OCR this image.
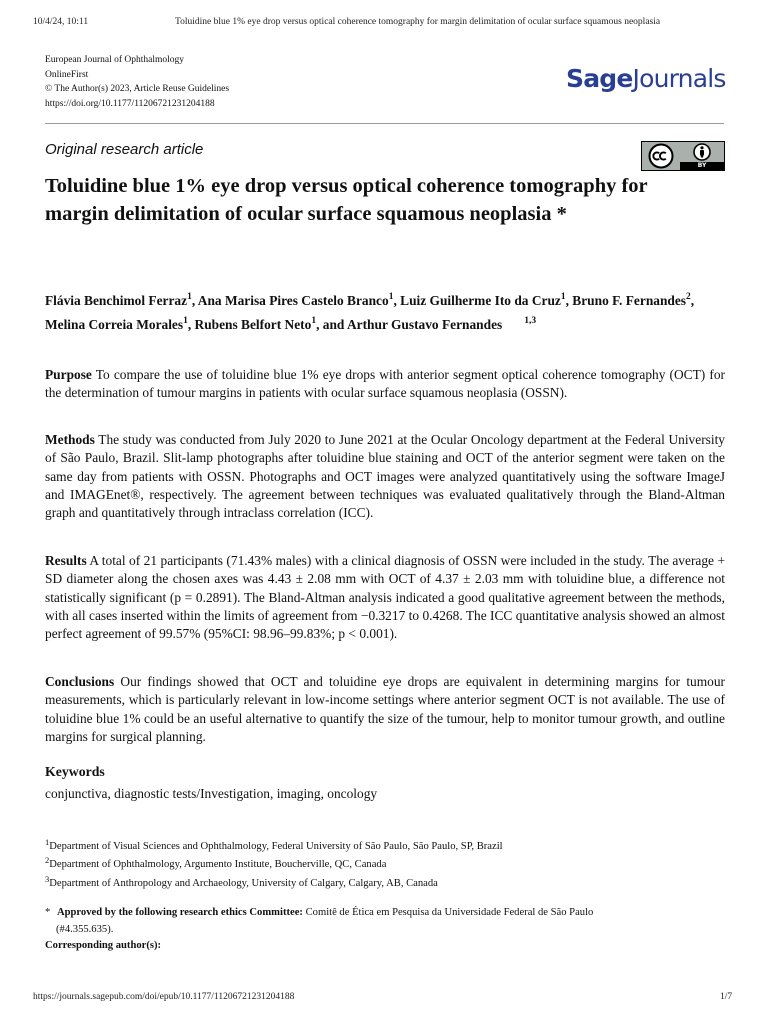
10/4/24, 10:11	Toluidine blue 1% eye drop versus optical coherence tomography for margin delimitation of ocular surface squamous neoplasia
European Journal of Ophthalmology
OnlineFirst
© The Author(s) 2023, Article Reuse Guidelines
https://doi.org/10.1177/11206721231204188
Sage Journals
Original research article
BY
Toluidine blue 1% eye drop versus optical coherence tomography for margin delimitation of ocular surface squamous neoplasia *
Flávia Benchimol Ferraz$^1$, Ana Marisa Pires Castelo Branco$^1$, Luiz Guilherme Ito da Cruz$^1$, Bruno F. Fernandes$^2$, Melina Correia Morales$^1$, Rubens Belfort Neto$^1$, and Arthur Gustavo Fernandes $^{1,3}$

Purpose To compare the use of toluidine blue 1% eye drops with anterior segment optical coherence tomography (OCT) for the determination of tumour margins in patients with ocular surface squamous neoplasia (OSSN).

Methods The study was conducted from July 2020 to June 2021 at the Ocular Oncology department at the Federal University of São Paulo, Brazil. Slit-lamp photographs after toluidine blue staining and OCT of the anterior segment were taken on the same day from patients with OSSN. Photographs and OCT images were analyzed quantitatively using the software ImageJ and IMAGEnet®, respectively. The agreement between techniques was evaluated qualitatively through the Bland-Altman graph and quantitatively through intraclass correlation (ICC).

Results A total of 21 participants (71.43% males) with a clinical diagnosis of OSSN were included in the study. The average + SD diameter along the chosen axes was 4.43 ± 2.08 mm with OCT of 4.37 ± 2.03 mm with toluidine blue, a difference not statistically significant (p = 0.2891). The Bland-Altman analysis indicated a good qualitative agreement between the methods, with all cases inserted within the limits of agreement from −0.3217 to 0.4268. The ICC quantitative analysis showed an almost perfect agreement of 99.57% (95%CI: 98.96–99.83%; p < 0.001).

Conclusions Our findings showed that OCT and toluidine eye drops are equivalent in determining margins for tumour measurements, which is particularly relevant in low-income settings where anterior segment OCT is not available. The use of toluidine blue 1% could be an useful alternative to quantify the size of the tumour, help to monitor tumour growth, and outline margins for surgical planning.

Keywords
conjunctiva, diagnostic tests/Investigation, imaging, oncology
$^1$Department of Visual Sciences and Ophthalmology, Federal University of São Paulo, São Paulo, SP, Brazil
$^2$Department of Ophthalmology, Argumento Institute, Boucherville, QC, Canada
$^3$Department of Anthropology and Archaeology, University of Calgary, Calgary, AB, Canada
* Approved by the following research ethics Committee: Comitê de Ética em Pesquisa da Universidade Federal de São Paulo
(#4.355.635).
Corresponding author(s):
https://journals.sagepub.com/doi/epub/10.1177/11206721231204188	1/7
